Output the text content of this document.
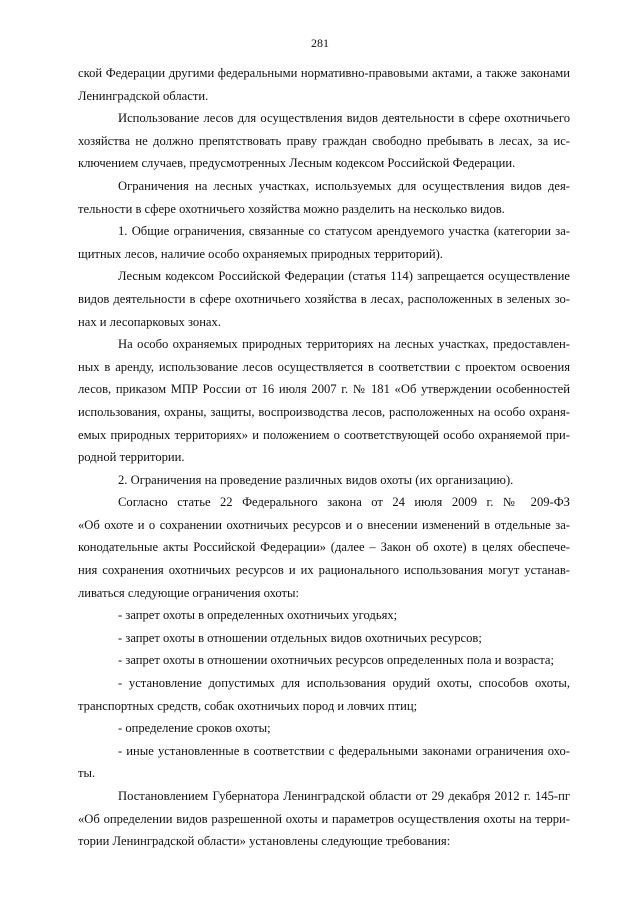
281
ской Федерации другими федеральными нормативно-правовыми актами, а также законами
Ленинградской области.
Использование лесов для осуществления видов деятельности в сфере охотничьего
хозяйства не должно препятствовать праву граждан свободно пребывать в лесах, за ис-
ключением случаев, предусмотренных Лесным кодексом Российской Федерации.
Ограничения на лесных участках, используемых для осуществления видов дея-
тельности в сфере охотничьего хозяйства можно разделить на несколько видов.
1. Общие ограничения, связанные со статусом арендуемого участка (категории за-
щитных лесов, наличие особо охраняемых природных территорий).
Лесным кодексом Российской Федерации (статья 114) запрещается осуществление
видов деятельности в сфере охотничьего хозяйства в лесах, расположенных в зеленых зо-
нах и лесопарковых зонах.
На особо охраняемых природных территориях на лесных участках, предоставлен-
ных в аренду, использование лесов осуществляется в соответствии с проектом освоения
лесов, приказом МПР России от 16 июля 2007 г. № 181 «Об утверждении особенностей
использования, охраны, защиты, воспроизводства лесов, расположенных на особо охраня-
емых природных территориях» и положением о соответствующей особо охраняемой при-
родной территории.
2. Ограничения на проведение различных видов охоты (их организацию).
Согласно статье 22 Федерального закона от 24 июля 2009 г. № 209-ФЗ
«Об охоте и о сохранении охотничьих ресурсов и о внесении изменений в отдельные за-
конодательные акты Российской Федерации» (далее – Закон об охоте) в целях обеспече-
ния сохранения охотничьих ресурсов и их рационального использования могут устанав-
ливаться следующие ограничения охоты:
- запрет охоты в определенных охотничьих угодьях;
- запрет охоты в отношении отдельных видов охотничьих ресурсов;
- запрет охоты в отношении охотничьих ресурсов определенных пола и возраста;
- установление допустимых для использования орудий охоты, способов охоты,
транспортных средств, собак охотничьих пород и ловчих птиц;
- определение сроков охоты;
- иные установленные в соответствии с федеральными законами ограничения охо-
ты.
Постановлением Губернатора Ленинградской области от 29 декабря 2012 г. 145-пг
«Об определении видов разрешенной охоты и параметров осуществления охоты на терри-
тории Ленинградской области» установлены следующие требования:
